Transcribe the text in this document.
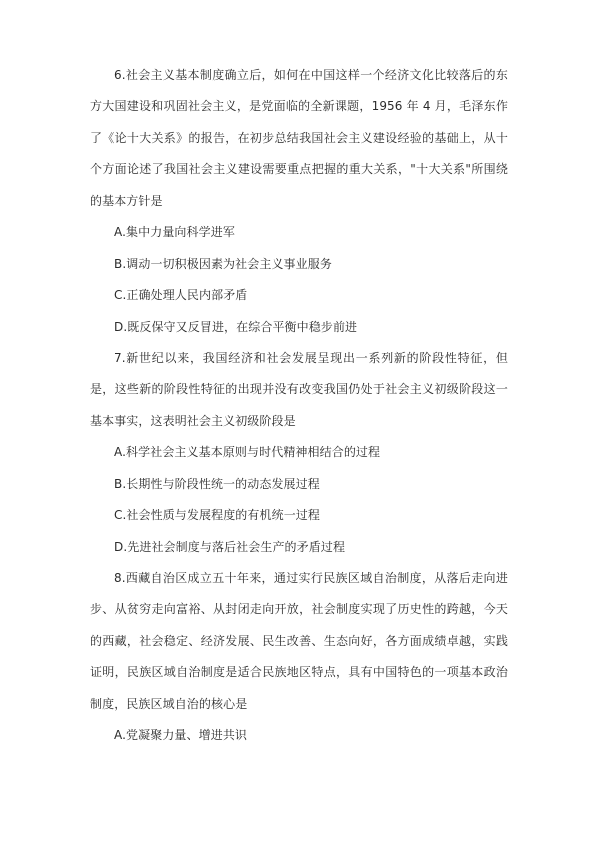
6.社会主义基本制度确立后，如何在中国这样一个经济文化比较落后的东
方大国建设和巩固社会主义，是党面临的全新课题，1956 年 4 月，毛泽东作
了《论十大关系》的报告，在初步总结我国社会主义建设经验的基础上，从十
个方面论述了我国社会主义建设需要重点把握的重大关系，"十大关系"所围绕
的基本方针是
A.集中力量向科学进军
B.调动一切积极因素为社会主义事业服务
C.正确处理人民内部矛盾
D.既反保守又反冒进，在综合平衡中稳步前进
7.新世纪以来，我国经济和社会发展呈现出一系列新的阶段性特征，但
是，这些新的阶段性特征的出现并没有改变我国仍处于社会主义初级阶段这一
基本事实，这表明社会主义初级阶段是
A.科学社会主义基本原则与时代精神相结合的过程
B.长期性与阶段性统一的动态发展过程
C.社会性质与发展程度的有机统一过程
D.先进社会制度与落后社会生产的矛盾过程
8.西藏自治区成立五十年来，通过实行民族区域自治制度，从落后走向进
步、从贫穷走向富裕、从封闭走向开放，社会制度实现了历史性的跨越，今天
的西藏，社会稳定、经济发展、民生改善、生态向好，各方面成绩卓越，实践
证明，民族区域自治制度是适合民族地区特点，具有中国特色的一项基本政治
制度，民族区域自治的核心是
A.党凝聚力量、增进共识
